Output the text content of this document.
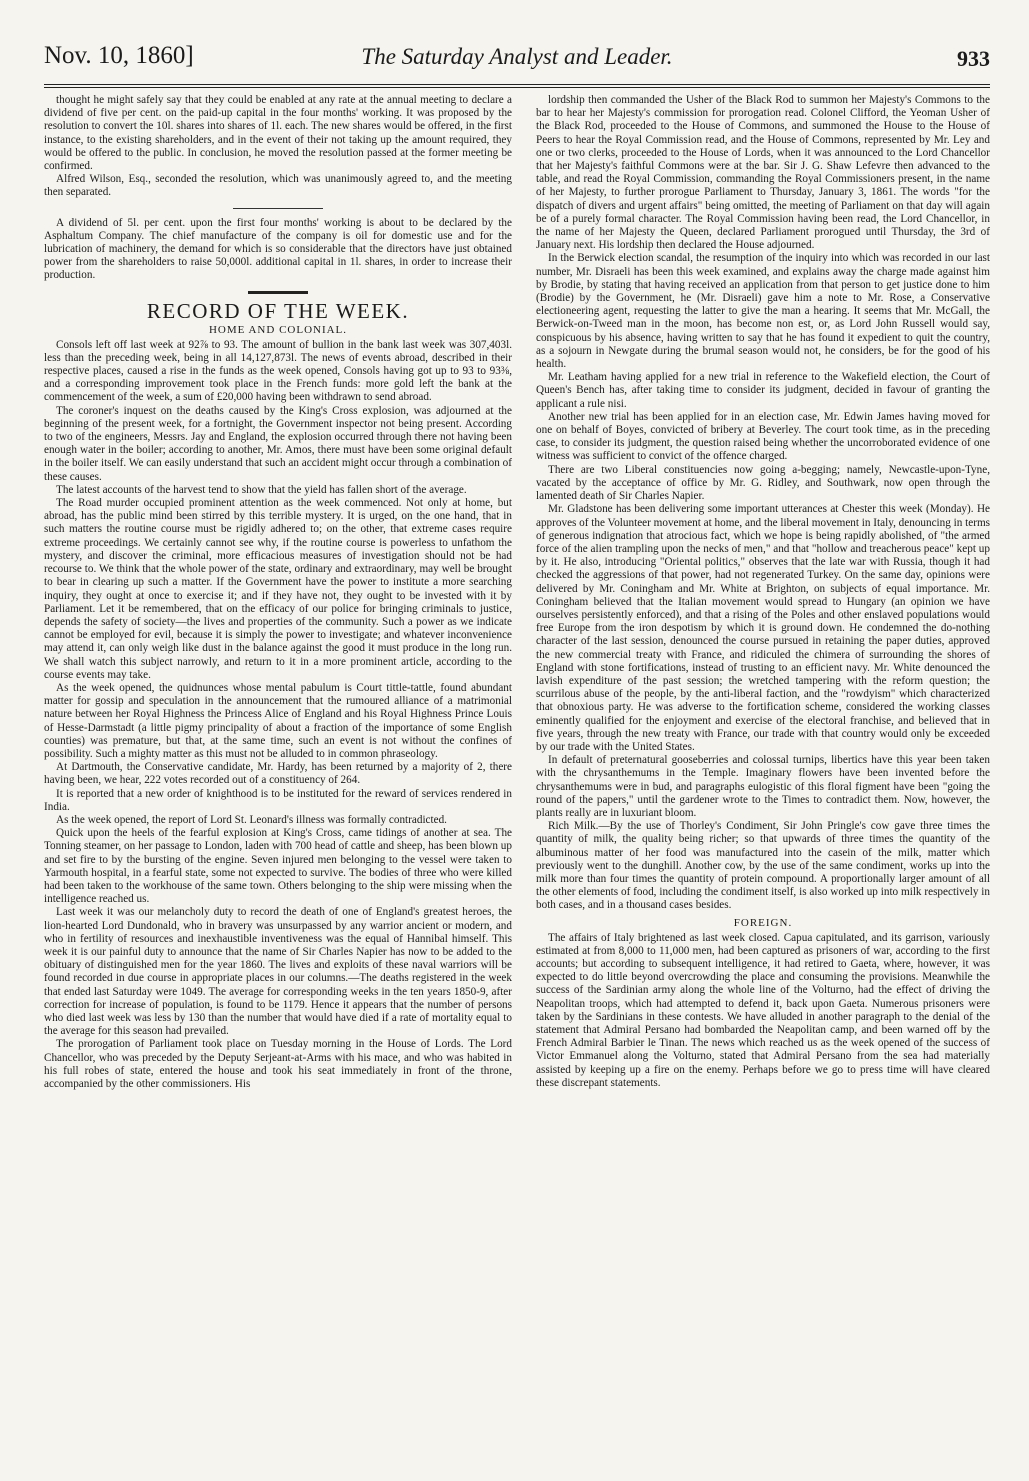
Nov. 10, 1860]	The Saturday Analyst and Leader.	933

thought he might safely say that they could be enabled at any rate at the annual meeting to declare a dividend of five per cent. on the paid-up capital in the four months' working. It was proposed by the resolution to convert the 10l. shares into shares of 1l. each. The new shares would be offered, in the first instance, to the existing shareholders, and in the event of their not taking up the amount required, they would be offered to the public. In conclusion, he moved the resolution passed at the former meeting be confirmed.

Alfred Wilson, Esq., seconded the resolution, which was unanimously agreed to, and the meeting then separated.

A dividend of 5l. per cent. upon the first four months' working is about to be declared by the Asphaltum Company. The chief manufacture of the company is oil for domestic use and for the lubrication of machinery, the demand for which is so considerable that the directors have just obtained power from the shareholders to raise 50,000l. additional capital in 1l. shares, in order to increase their production.

RECORD OF THE WEEK.
HOME AND COLONIAL.

Consols left off last week at 92⅞ to 93. The amount of bullion in the bank last week was 307,403l. less than the preceding week, being in all 14,127,873l. The news of events abroad, described in their respective places, caused a rise in the funds as the week opened, Consols having got up to 93 to 93⅜, and a corresponding improvement took place in the French funds: more gold left the bank at the commencement of the week, a sum of £20,000 having been withdrawn to send abroad.

The coroner's inquest on the deaths caused by the King's Cross explosion, was adjourned at the beginning of the present week, for a fortnight, the Government inspector not being present. According to two of the engineers, Messrs. Jay and England, the explosion occurred through there not having been enough water in the boiler; according to another, Mr. Amos, there must have been some original default in the boiler itself. We can easily understand that such an accident might occur through a combination of these causes.

The latest accounts of the harvest tend to show that the yield has fallen short of the average.

The Road murder occupied prominent attention as the week commenced. Not only at home, but abroad, has the public mind been stirred by this terrible mystery. It is urged, on the one hand, that in such matters the routine course must be rigidly adhered to; on the other, that extreme cases require extreme proceedings. We certainly cannot see why, if the routine course is powerless to unfathom the mystery, and discover the criminal, more efficacious measures of investigation should not be had recourse to. We think that the whole power of the state, ordinary and extraordinary, may well be brought to bear in clearing up such a matter. If the Government have the power to institute a more searching inquiry, they ought at once to exercise it; and if they have not, they ought to be invested with it by Parliament. Let it be remembered, that on the efficacy of our police for bringing criminals to justice, depends the safety of society—the lives and properties of the community. Such a power as we indicate cannot be employed for evil, because it is simply the power to investigate; and whatever inconvenience may attend it, can only weigh like dust in the balance against the good it must produce in the long run. We shall watch this subject narrowly, and return to it in a more prominent article, according to the course events may take.

As the week opened, the quidnunces whose mental pabulum is Court tittle-tattle, found abundant matter for gossip and speculation in the announcement that the rumoured alliance of a matrimonial nature between her Royal Highness the Princess Alice of England and his Royal Highness Prince Louis of Hesse-Darmstadt (a little pigmy principality of about a fraction of the importance of some English counties) was premature, but that, at the same time, such an event is not without the confines of possibility. Such a mighty matter as this must not be alluded to in common phraseology.

At Dartmouth, the Conservative candidate, Mr. Hardy, has been returned by a majority of 2, there having been, we hear, 222 votes recorded out of a constituency of 264.

It is reported that a new order of knighthood is to be instituted for the reward of services rendered in India.

As the week opened, the report of Lord St. Leonard's illness was formally contradicted.

Quick upon the heels of the fearful explosion at King's Cross, came tidings of another at sea. The Tonning steamer, on her passage to London, laden with 700 head of cattle and sheep, has been blown up and set fire to by the bursting of the engine. Seven injured men belonging to the vessel were taken to Yarmouth hospital, in a fearful state, some not expected to survive. The bodies of three who were killed had been taken to the workhouse of the same town. Others belonging to the ship were missing when the intelligence reached us.

Last week it was our melancholy duty to record the death of one of England's greatest heroes, the lion-hearted Lord Dundonald, who in bravery was unsurpassed by any warrior ancient or modern, and who in fertility of resources and inexhaustible inventiveness was the equal of Hannibal himself. This week it is our painful duty to announce that the name of Sir Charles Napier has now to be added to the obituary of distinguished men for the year 1860. The lives and exploits of these naval warriors will be found recorded in due course in appropriate places in our columns.—The deaths registered in the week that ended last Saturday were 1049. The average for corresponding weeks in the ten years 1850-9, after correction for increase of population, is found to be 1179. Hence it appears that the number of persons who died last week was less by 130 than the number that would have died if a rate of mortality equal to the average for this season had prevailed.

The prorogation of Parliament took place on Tuesday morning in the House of Lords. The Lord Chancellor, who was preceded by the Deputy Serjeant-at-Arms with his mace, and who was habited in his full robes of state, entered the house and took his seat immediately in front of the throne, accompanied by the other commissioners. His

lordship then commanded the Usher of the Black Rod to summon her Majesty's Commons to the bar to hear her Majesty's commission for prorogation read. Colonel Clifford, the Yeoman Usher of the Black Rod, proceeded to the House of Commons, and summoned the House to the House of Peers to hear the Royal Commission read, and the House of Commons, represented by Mr. Ley and one or two clerks, proceeded to the House of Lords, when it was announced to the Lord Chancellor that her Majesty's faithful Commons were at the bar. Sir J. G. Shaw Lefevre then advanced to the table, and read the Royal Commission, commanding the Royal Commissioners present, in the name of her Majesty, to further prorogue Parliament to Thursday, January 3, 1861. The words "for the dispatch of divers and urgent affairs" being omitted, the meeting of Parliament on that day will again be of a purely formal character. The Royal Commission having been read, the Lord Chancellor, in the name of her Majesty the Queen, declared Parliament prorogued until Thursday, the 3rd of January next. His lordship then declared the House adjourned.

In the Berwick election scandal, the resumption of the inquiry into which was recorded in our last number, Mr. Disraeli has been this week examined, and explains away the charge made against him by Brodie, by stating that having received an application from that person to get justice done to him (Brodie) by the Government, he (Mr. Disraeli) gave him a note to Mr. Rose, a Conservative electioneering agent, requesting the latter to give the man a hearing. It seems that Mr. McGall, the Berwick-on-Tweed man in the moon, has become non est, or, as Lord John Russell would say, conspicuous by his absence, having written to say that he has found it expedient to quit the country, as a sojourn in Newgate during the brumal season would not, he considers, be for the good of his health.

Mr. Leatham having applied for a new trial in reference to the Wakefield election, the Court of Queen's Bench has, after taking time to consider its judgment, decided in favour of granting the applicant a rule nisi.

Another new trial has been applied for in an election case, Mr. Edwin James having moved for one on behalf of Boyes, convicted of bribery at Beverley. The court took time, as in the preceding case, to consider its judgment, the question raised being whether the uncorroborated evidence of one witness was sufficient to convict of the offence charged.

There are two Liberal constituencies now going a-begging; namely, Newcastle-upon-Tyne, vacated by the acceptance of office by Mr. G. Ridley, and Southwark, now open through the lamented death of Sir Charles Napier.

Mr. Gladstone has been delivering some important utterances at Chester this week (Monday). He approves of the Volunteer movement at home, and the liberal movement in Italy, denouncing in terms of generous indignation that atrocious fact, which we hope is being rapidly abolished, of "the armed force of the alien trampling upon the necks of men," and that "hollow and treacherous peace" kept up by it. He also, introducing "Oriental politics," observes that the late war with Russia, though it had checked the aggressions of that power, had not regenerated Turkey. On the same day, opinions were delivered by Mr. Coningham and Mr. White at Brighton, on subjects of equal importance. Mr. Coningham believed that the Italian movement would spread to Hungary (an opinion we have ourselves persistently enforced), and that a rising of the Poles and other enslaved populations would free Europe from the iron despotism by which it is ground down. He condemned the do-nothing character of the last session, denounced the course pursued in retaining the paper duties, approved the new commercial treaty with France, and ridiculed the chimera of surrounding the shores of England with stone fortifications, instead of trusting to an efficient navy. Mr. White denounced the lavish expenditure of the past session; the wretched tampering with the reform question; the scurrilous abuse of the people, by the anti-liberal faction, and the "rowdyism" which characterized that obnoxious party. He was adverse to the fortification scheme, considered the working classes eminently qualified for the enjoyment and exercise of the electoral franchise, and believed that in five years, through the new treaty with France, our trade with that country would only be exceeded by our trade with the United States.

In default of preternatural gooseberries and colossal turnips, libertics have this year been taken with the chrysanthemums in the Temple. Imaginary flowers have been invented before the chrysanthemums were in bud, and paragraphs eulogistic of this floral figment have been "going the round of the papers," until the gardener wrote to the Times to contradict them. Now, however, the plants really are in luxuriant bloom.

Rich Milk.—By the use of Thorley's Condiment, Sir John Pringle's cow gave three times the quantity of milk, the quality being richer; so that upwards of three times the quantity of the albuminous matter of her food was manufactured into the casein of the milk, matter which previously went to the dunghill. Another cow, by the use of the same condiment, works up into the milk more than four times the quantity of protein compound. A proportionally larger amount of all the other elements of food, including the condiment itself, is also worked up into milk respectively in both cases, and in a thousand cases besides.

FOREIGN.

The affairs of Italy brightened as last week closed. Capua capitulated, and its garrison, variously estimated at from 8,000 to 11,000 men, had been captured as prisoners of war, according to the first accounts; but according to subsequent intelligence, it had retired to Gaeta, where, however, it was expected to do little beyond overcrowding the place and consuming the provisions. Meanwhile the success of the Sardinian army along the whole line of the Volturno, had the effect of driving the Neapolitan troops, which had attempted to defend it, back upon Gaeta. Numerous prisoners were taken by the Sardinians in these contests. We have alluded in another paragraph to the denial of the statement that Admiral Persano had bombarded the Neapolitan camp, and been warned off by the French Admiral Barbier le Tinan. The news which reached us as the week opened of the success of Victor Emmanuel along the Volturno, stated that Admiral Persano from the sea had materially assisted by keeping up a fire on the enemy. Perhaps before we go to press time will have cleared these discrepant statements.
